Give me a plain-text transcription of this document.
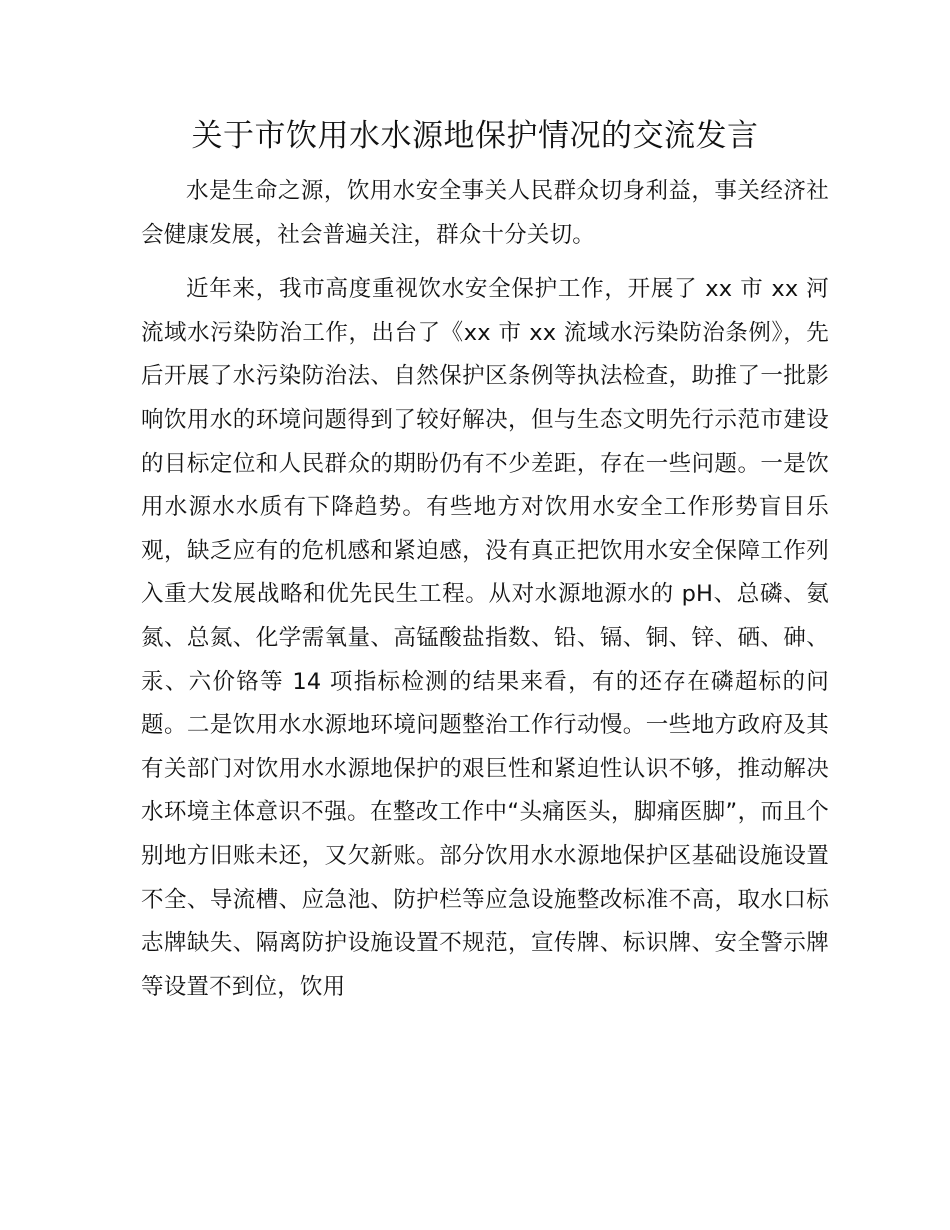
关于市饮用水水源地保护情况的交流发言

水是生命之源，饮用水安全事关人民群众切身利益，事关经济社会健康发展，社会普遍关注，群众十分关切。

近年来，我市高度重视饮水安全保护工作，开展了 xx 市 xx 河流域水污染防治工作，出台了《xx 市 xx 流域水污染防治条例》，先后开展了水污染防治法、自然保护区条例等执法检查，助推了一批影响饮用水的环境问题得到了较好解决，但与生态文明先行示范市建设的目标定位和人民群众的期盼仍有不少差距，存在一些问题。一是饮用水源水水质有下降趋势。有些地方对饮用水安全工作形势盲目乐观，缺乏应有的危机感和紧迫感，没有真正把饮用水安全保障工作列入重大发展战略和优先民生工程。从对水源地源水的 pH、总磷、氨氮、总氮、化学需氧量、高锰酸盐指数、铅、镉、铜、锌、硒、砷、汞、六价铬等 14 项指标检测的结果来看，有的还存在磷超标的问题。二是饮用水水源地环境问题整治工作行动慢。一些地方政府及其有关部门对饮用水水源地保护的艰巨性和紧迫性认识不够，推动解决水环境主体意识不强。在整改工作中“头痛医头，脚痛医脚”，而且个别地方旧账未还，又欠新账。部分饮用水水源地保护区基础设施设置不全、导流槽、应急池、防护栏等应急设施整改标准不高，取水口标志牌缺失、隔离防护设施设置不规范，宣传牌、标识牌、安全警示牌等设置不到位，饮用
